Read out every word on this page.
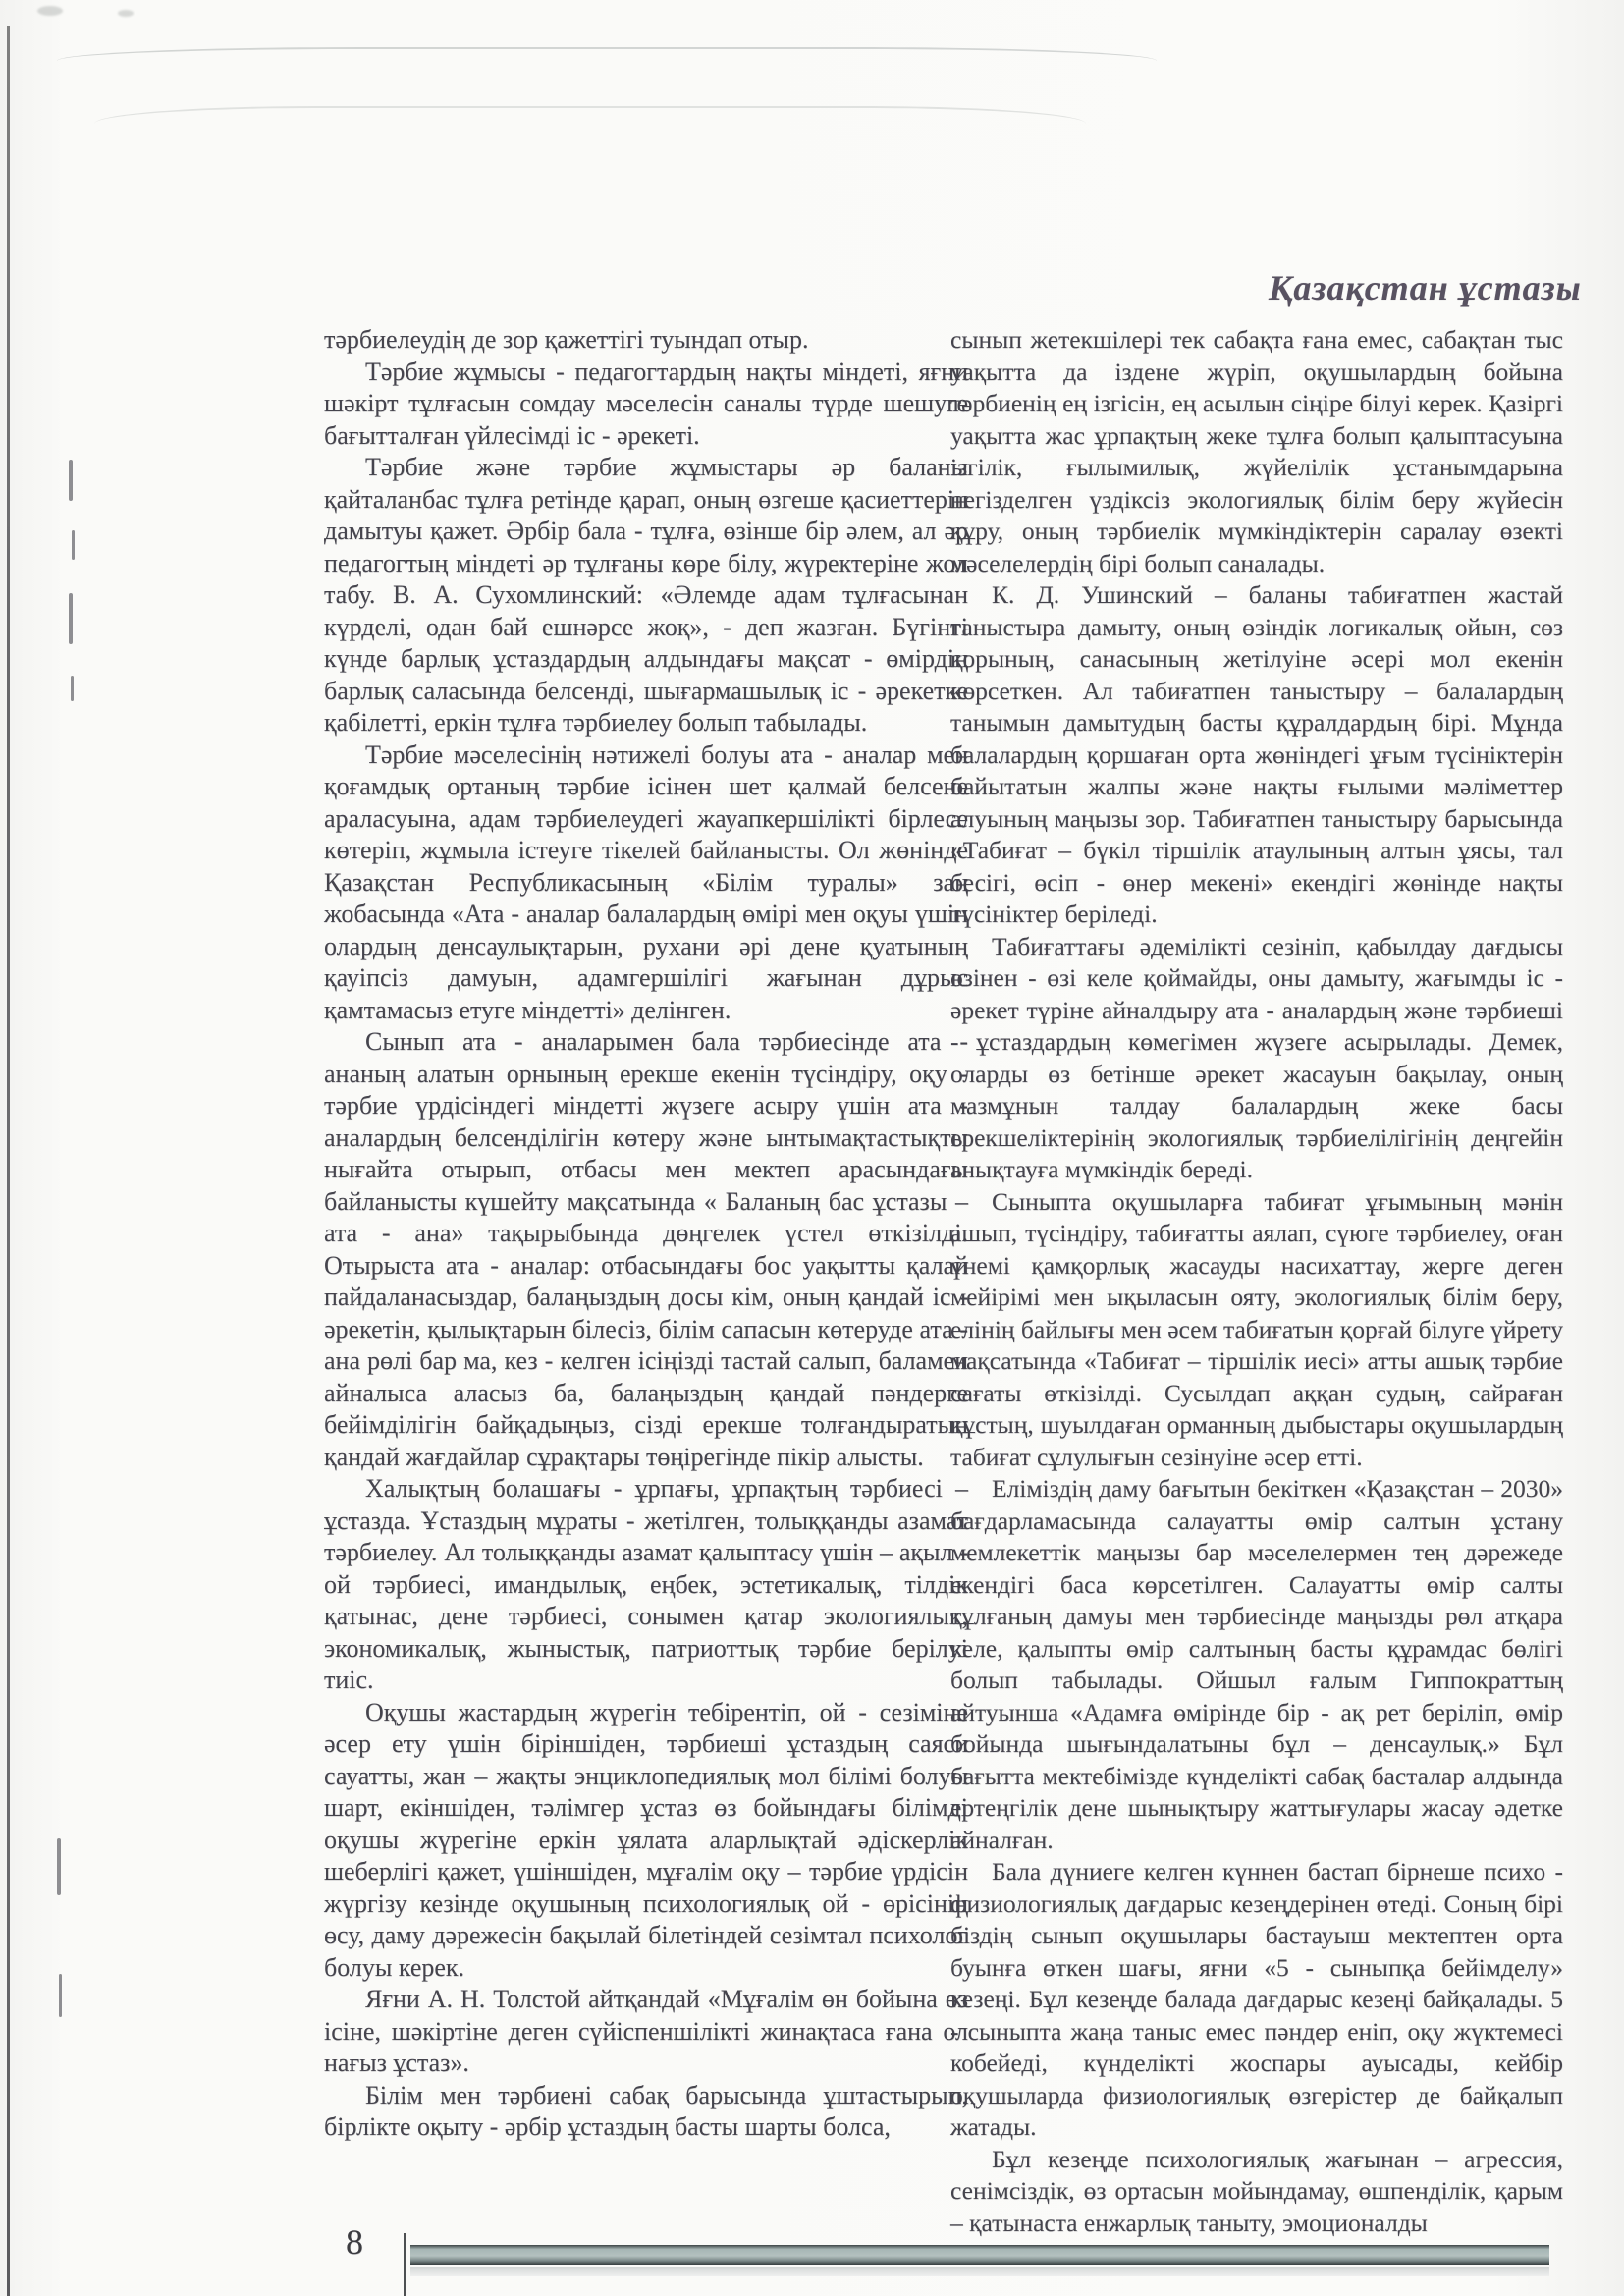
Қазақстан ұстазы

тәрбиелеудің де зор қажеттігі туындап отыр.

Тәрбие жұмысы - педагогтардың нақты міндеті, яғни шәкірт тұлғасын сомдау мәселесін саналы түрде шешуге бағытталған үйлесімді іс - әрекеті.

Тәрбие және тәрбие жұмыстары әр баланы қайталанбас тұлға ретінде қарап, оның өзгеше қасиеттерін дамытуы қажет. Әрбір бала - тұлға, өзінше бір әлем, ал әр педагогтың міндеті әр тұлғаны көре білу, жүректеріне жол табу. В. А. Сухомлинский: «Әлемде адам тұлғасынан күрделі, одан бай ешнәрсе жоқ», - деп жазған. Бүгінгі күнде барлық ұстаздардың алдындағы мақсат - өмірдің барлық саласында белсенді, шығармашылық іс - әрекетке қабілетті, еркін тұлға тәрбиелеу болып табылады.

Тәрбие мәселесінің нәтижелі болуы ата - аналар мен қоғамдық ортаның тәрбие ісінен шет қалмай белсене араласуына, адам тәрбиелеудегі жауапкершілікті бірлесе көтеріп, жұмыла істеуге тікелей байланысты. Ол жөнінде Қазақстан Республикасының «Білім туралы» заң жобасында «Ата - аналар балалардың өмірі мен оқуы үшін олардың денсаулықтарын, рухани әрі дене қуатының қауіпсіз дамуын, адамгершілігі жағынан дұрыс қамтамасыз етуге міндетті» делінген.

Сынып ата - аналарымен бала тәрбиесінде ата - ананың алатын орнының ерекше екенін түсіндіру, оқу - тәрбие үрдісіндегі міндетті жүзеге асыру үшін ата - аналардың белсенділігін көтеру және ынтымақтастықты нығайта отырып, отбасы мен мектеп арасындағы байланысты күшейту мақсатында « Баланың бас ұстазы – ата - ана» тақырыбында дөңгелек үстел өткізілді. Отырыста ата - аналар: отбасындағы бос уақытты қалай пайдаланасыздар, балаңыздың досы кім, оның қандай іс - әрекетін, қылықтарын білесіз, білім сапасын көтеруде ата - ана рөлі бар ма, кез - келген ісіңізді тастай салып, баламен айналыса аласыз ба, балаңыздың қандай пәндерге бейімділігін байқадыңыз, сізді ерекше толғандыратын қандай жағдайлар сұрақтары төңірегінде пікір алысты.

Халықтың болашағы - ұрпағы, ұрпақтың тәрбиесі – ұстазда. Ұстаздың мұраты - жетілген, толыққанды азамат тәрбиелеу. Ал толыққанды азамат қалыптасу үшін – ақыл - ой тәрбиесі, имандылық, еңбек, эстетикалық, тілдік қатынас, дене тәрбиесі, сонымен қатар экологиялық, экономикалық, жыныстық, патриоттық тәрбие берілуі тиіс.

Оқушы жастардың жүрегін тебірентіп, ой - сезіміне әсер ету үшін біріншіден, тәрбиеші ұстаздың саяси сауатты, жан – жақты энциклопедиялық мол білімі болуы шарт, екіншіден, тәлімгер ұстаз өз бойындағы білімді оқушы жүрегіне еркін ұялата аларлықтай әдіскерлік шеберлігі қажет, үшіншіден, мұғалім оқу – тәрбие үрдісін жүргізу кезінде оқушының психологиялық ой - өрісінің өсу, даму дәрежесін бақылай білетіндей сезімтал психолог болуы керек.

Яғни А. Н. Толстой айтқандай «Мұғалім өн бойына өз ісіне, шәкіртіне деген сүйіспеншілікті жинақтаса ғана ол нағыз ұстаз».

Білім мен тәрбиені сабақ барысында ұштастырып, бірлікте оқыту - әрбір ұстаздың басты шарты болса,

сынып жетекшілері тек сабақта ғана емес, сабақтан тыс уақытта да іздене жүріп, оқушылардың бойына тәрбиенің ең ізгісін, ең асылын сіңіре білуі керек. Қазіргі уақытта жас ұрпақтың жеке тұлға болып қалыптасуына ізгілік, ғылымилық, жүйелілік ұстанымдарына негізделген үздіксіз экологиялық білім беру жүйесін құру, оның тәрбиелік мүмкіндіктерін саралау өзекті мәселелердің бірі болып саналады.

К. Д. Ушинский – баланы табиғатпен жастай таныстыра дамыту, оның өзіндік логикалық ойын, сөз қорының, санасының жетілуіне әсері мол екенін көрсеткен. Ал табиғатпен таныстыру – балалардың танымын дамытудың басты құралдардың бірі. Мұнда балалардың қоршаған орта жөніндегі ұғым түсініктерін байытатын жалпы және нақты ғылыми мәліметтер алуының маңызы зор. Табиғатпен таныстыру барысында «Табиғат – бүкіл тіршілік атаулының алтын ұясы, тал бесігі, өсіп - өнер мекені» екендігі жөнінде нақты түсініктер беріледі.

Табиғаттағы әдемілікті сезініп, қабылдау дағдысы өзінен - өзі келе қоймайды, оны дамыту, жағымды іс - әрекет түріне айналдыру ата - аналардың және тәрбиеші - ұстаздардың көмегімен жүзеге асырылады. Демек, оларды өз бетінше әрекет жасауын бақылау, оның мазмұнын талдау балалардың жеке басы ерекшеліктерінің экологиялық тәрбиелілігінің деңгейін анықтауға мүмкіндік береді.

Сыныпта оқушыларға табиғат ұғымының мәнін ашып, түсіндіру, табиғатты аялап, сүюге тәрбиелеу, оған үнемі қамқорлық жасауды насихаттау, жерге деген мейірімі мен ықыласын ояту, экологиялық білім беру, елінің байлығы мен әсем табиғатын қорғай білуге үйрету мақсатында «Табиғат – тіршілік иесі» атты ашық тәрбие сағаты өткізілді. Сусылдап аққан судың, сайраған құстың, шуылдаған орманның дыбыстары оқушылардың табиғат сұлулығын сезінуіне әсер етті.

Еліміздің даму бағытын бекіткен «Қазақстан – 2030» бағдарламасында салауатты өмір салтын ұстану мемлекеттік маңызы бар мәселелермен тең дәрежеде екендігі баса көрсетілген. Салауатты өмір салты тұлғаның дамуы мен тәрбиесінде маңызды рөл атқара келе, қалыпты өмір салтының басты құрамдас бөлігі болып табылады. Ойшыл ғалым Гиппократтың айтуынша «Адамға өмірінде бір - ақ рет беріліп, өмір бойында шығындалатыны бұл – денсаулық.» Бұл бағытта мектебімізде күнделікті сабақ басталар алдында ертеңгілік дене шынықтыру жаттығулары жасау әдетке айналған.

Бала дүниеге келген күннен бастап бірнеше психо - физиологиялық дағдарыс кезеңдерінен өтеді. Соның бірі біздің сынып оқушылары бастауыш мектептен орта буынға өткен шағы, яғни «5 - сыныпқа бейімделу» кезеңі. Бұл кезеңде балада дағдарыс кезеңі байқалады. 5 - сыныпта жаңа таныс емес пәндер еніп, оқу жүктемесі кобейеді, күнделікті жоспары ауысады, кейбір оқушыларда физиологиялық өзгерістер де байқалып жатады.

Бұл кезеңде психологиялық жағынан – агрессия, сенімсіздік, өз ортасын мойындамау, өшпенділік, қарым – қатынаста енжарлық таныту, эмоционалды

8
